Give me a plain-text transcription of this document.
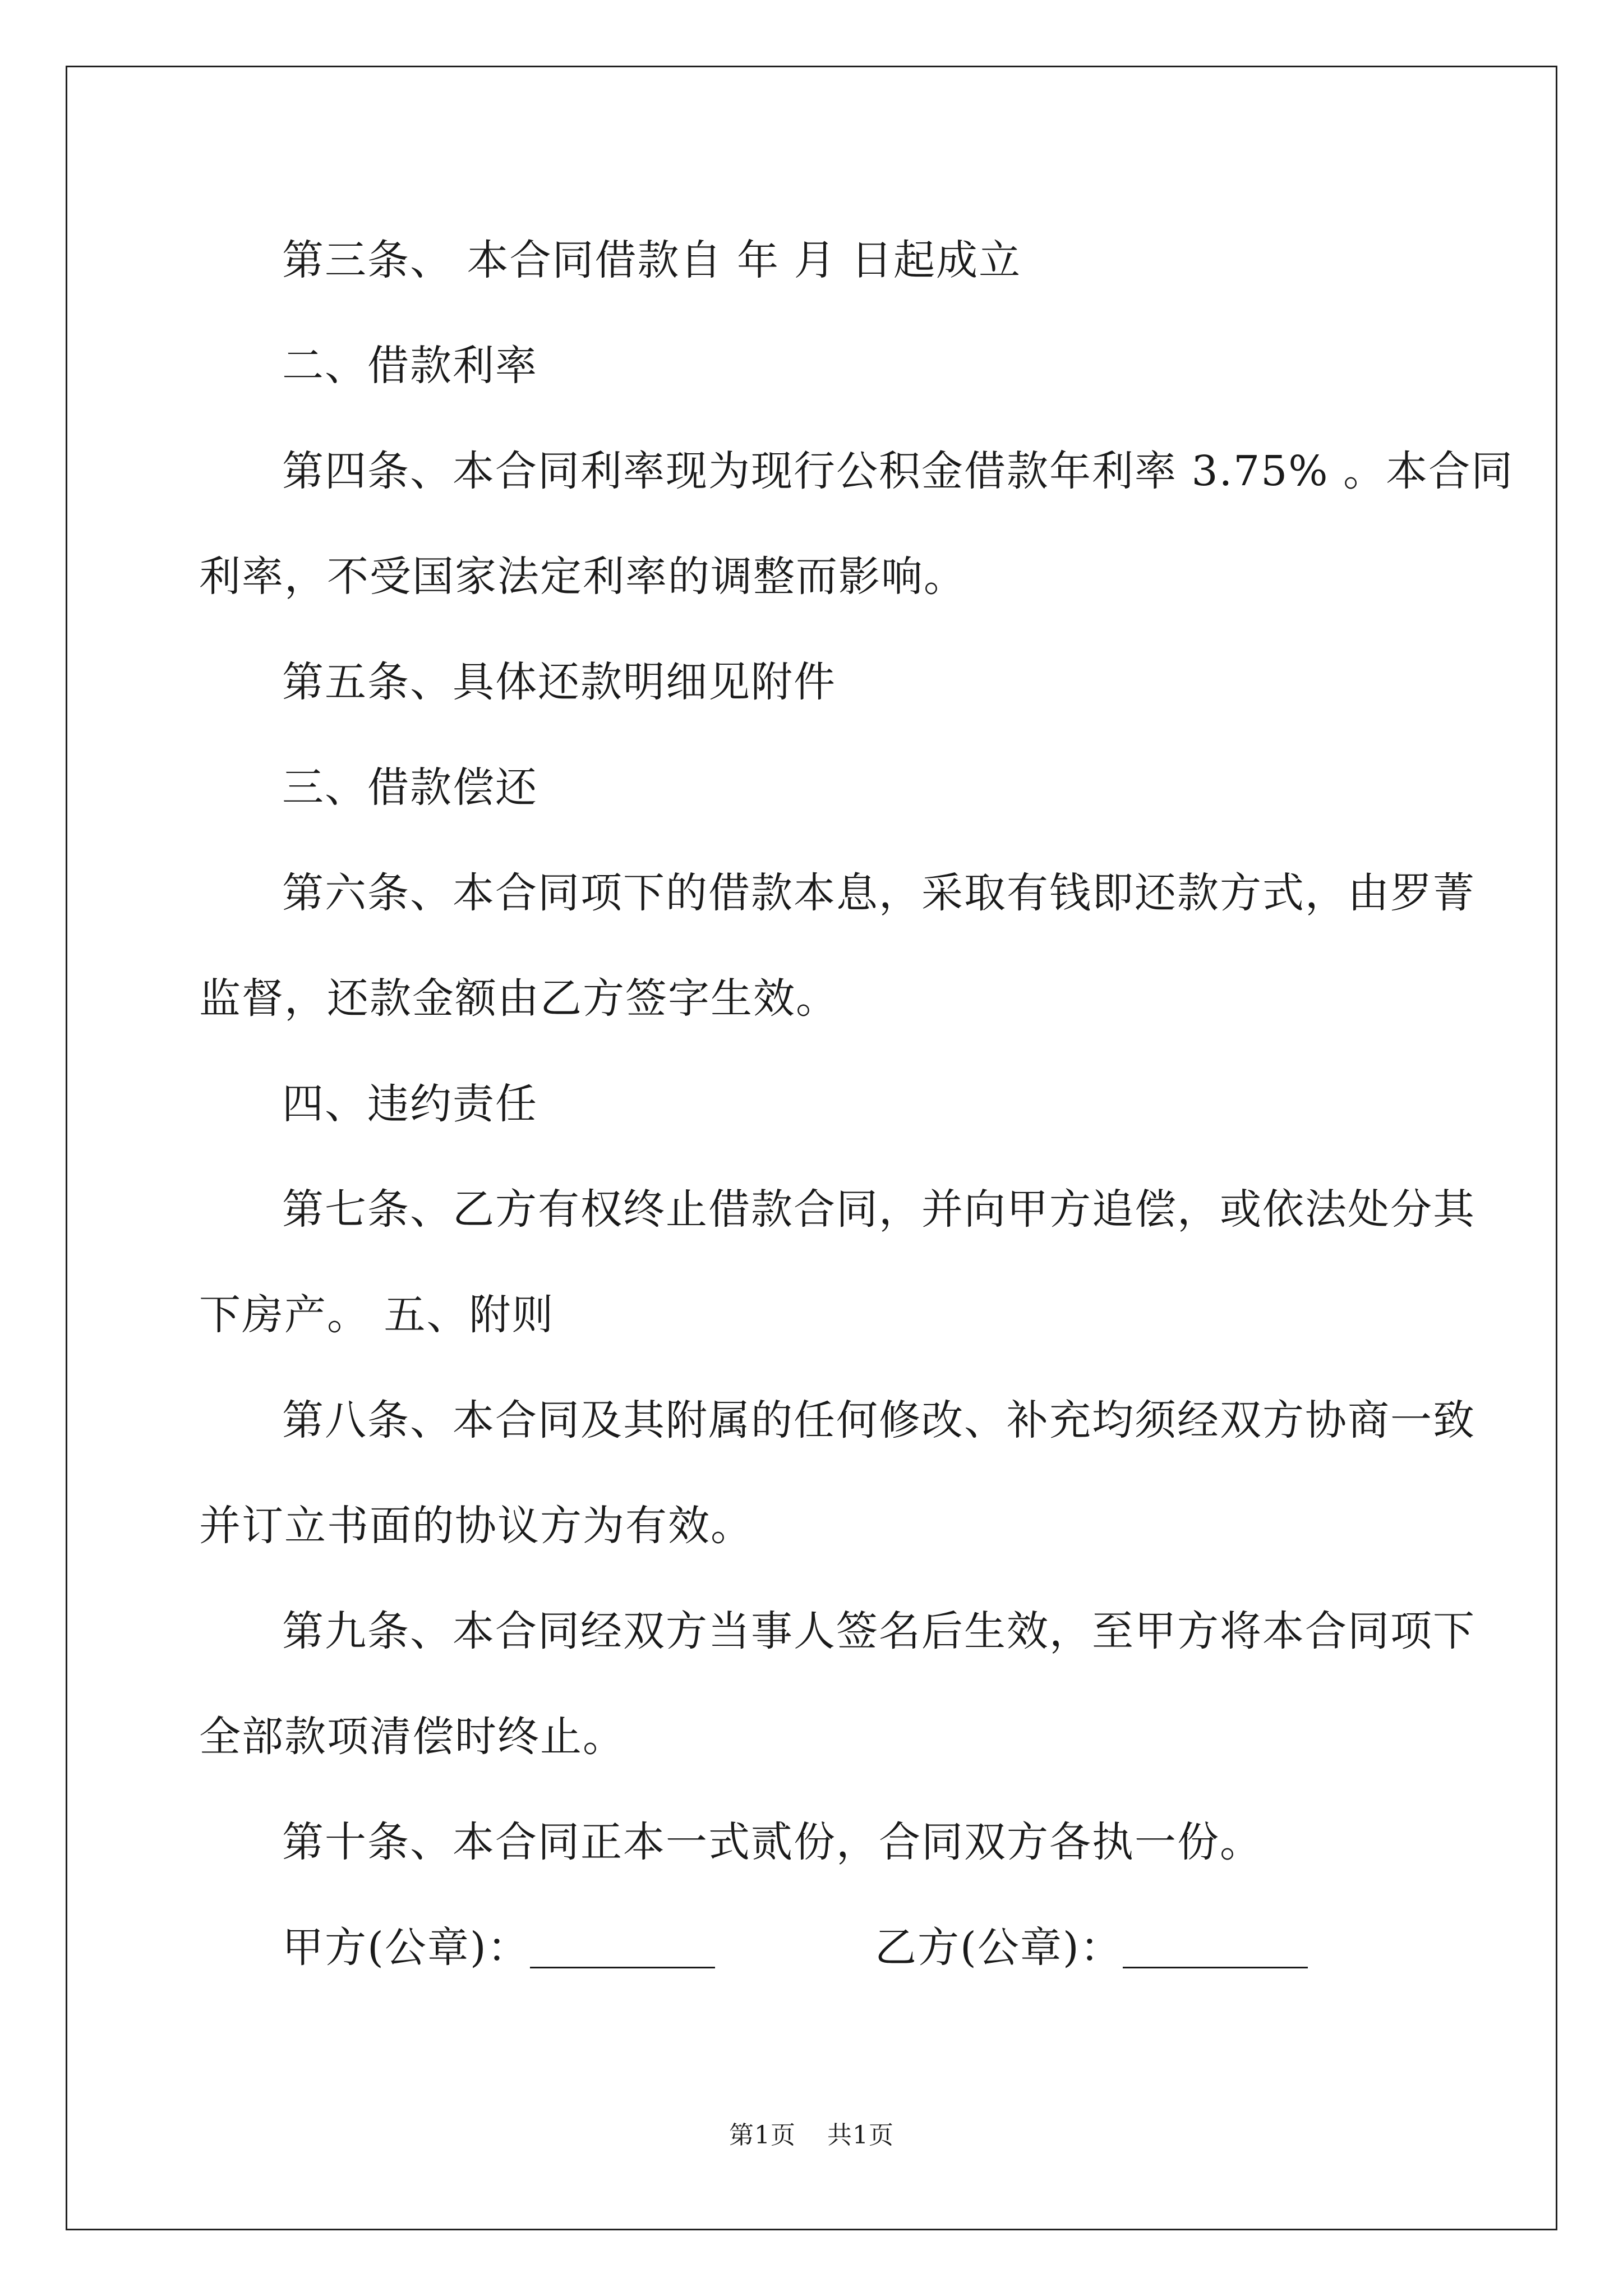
第三条、 本合同借款自 年 月 日起成立

二、借款利率

第四条、本合同利率现为现行公积金借款年利率 3.75% 。本合同
利率，不受国家法定利率的调整而影响。

第五条、具体还款明细见附件

三、借款偿还

第六条、本合同项下的借款本息，采取有钱即还款方式，由罗菁
监督，还款金额由乙方签字生效。

四、违约责任

第七条、乙方有权终止借款合同，并向甲方追偿，或依法处分其
下房产。 五、附则

第八条、本合同及其附属的任何修改、补充均须经双方协商一致
并订立书面的协议方为有效。

第九条、本合同经双方当事人签名后生效，至甲方将本合同项下
全部款项清偿时终止。

第十条、本合同正本一式贰份，合同双方各执一份。

甲方(公章)：	乙方(公章)：
第1页 共1页
